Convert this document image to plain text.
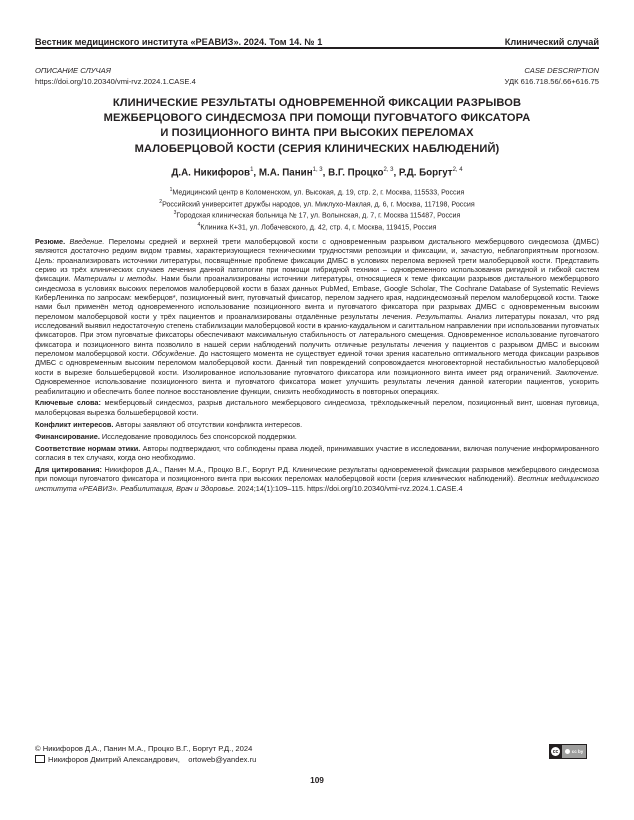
Вестник медицинского института «РЕАВИЗ». 2024. Том 14. № 1	Клинический случай
ОПИСАНИЕ СЛУЧАЯ
https://doi.org/10.20340/vmi-rvz.2024.1.CASE.4
CASE DESCRIPTION
УДК 616.718.56/.66+616.75
КЛИНИЧЕСКИЕ РЕЗУЛЬТАТЫ ОДНОВРЕМЕННОЙ ФИКСАЦИИ РАЗРЫВОВ
МЕЖБЕРЦОВОГО СИНДЕСМОЗА ПРИ ПОМОЩИ ПУГОВЧАТОГО ФИКСАТОРА
И ПОЗИЦИОННОГО ВИНТА ПРИ ВЫСОКИХ ПЕРЕЛОМАХ
МАЛОБЕРЦОВОЙ КОСТИ (СЕРИЯ КЛИНИЧЕСКИХ НАБЛЮДЕНИЙ)
Д.А. Никифоров$^1$, М.А. Панин$^{1, 3}$, В.Г. Процко$^{2, 3}$, Р.Д. Боргут$^{2, 4}$
$^1$Медицинский центр в Коломенском, ул. Высокая, д. 19, стр. 2, г. Москва, 115533, Россия
$^2$Российский университет дружбы народов, ул. Миклухо-Маклая, д. 6, г. Москва, 117198, Россия
$^3$Городская клиническая больница № 17, ул. Волынская, д. 7, г. Москва 115487, Россия
$^4$Клиника К+31, ул. Лобачевского, д. 42, стр. 4, г. Москва, 119415, Россия

Резюме. Введение. Переломы средней и верхней трети малоберцовой кости с одновременным разрывом дистального межберцового синдесмоза (ДМБС) являются достаточно редким видом травмы, характеризующиеся техническими трудностями репозиции и фиксации, и, зачастую, неблагоприятным прогнозом. Цель: проанализировать источники литературы, посвящённые проблеме фиксации ДМБС в условиях перелома верхней трети малоберцовой кости. Представить серию из трёх клинических случаев лечения данной патологии при помощи гибридной техники – одновременного использования ригидной и гибкой систем фиксации. Материалы и методы. Нами были проанализированы источники литературы, относящиеся к теме фиксации разрывов дистального межберцового синдесмоза в условиях высоких переломов малоберцовой кости в базах данных PubMed, Embase, Google Scholar, The Cochrane Database of Systematic Reviews КиберЛенинка по запросам: межберцов*, позиционный винт, пуговчатый фиксатор, перелом заднего края, надсиндесмозный перелом малоберцовой кости. Также нами был применён метод одновременного использование позиционного винта и пуговчатого фиксатора при разрывах ДМБС с одновременным высоким переломом малоберцовой кости у трёх пациентов и проанализированы отдалённые результаты лечения. Результаты. Анализ литературы показал, что ряд исследований выявил недостаточную степень стабилизации малоберцовой кости в кранио-каудальном и сагиттальном направлении при использовании пуговчатых фиксаторов. При этом пуговчатые фиксаторы обеспечивают максимальную стабильность от латерального смещения. Одновременное использование пуговчатого фиксатора и позиционного винта позволило в нашей серии наблюдений получить отличные результаты лечения у пациентов с разрывом ДМБС и высоким переломом малоберцовой кости. Обсуждение. До настоящего момента не существует единой точки зрения касательно оптимального метода фиксации разрывов ДМБС с одновременным высоким переломом малоберцовой кости. Данный тип повреждений сопровождается многовекторной нестабильностью малоберцовой кости в вырезке большеберцовой кости. Изолированное использование пуговчатого фиксатора или позиционного винта имеет ряд ограничений. Заключение. Одновременное использование позиционного винта и пуговчатого фиксатора может улучшить результаты лечения данной категории пациентов, ускорить реабилитацию и обеспечить более полное восстановление функции, снизить необходимость в повторных операциях.

Ключевые слова: межберцовый синдесмоз, разрыв дистального межберцового синдесмоза, трёхлодыжечный перелом, позиционный винт, шовная пуговица, малоберцовая вырезка большеберцовой кости.

Конфликт интересов. Авторы заявляют об отсутствии конфликта интересов.

Финансирование. Исследование проводилось без спонсорской поддержки.

Соответствие нормам этики. Авторы подтверждают, что соблюдены права людей, принимавших участие в исследовании, включая получение информированного согласия в тех случаях, когда оно необходимо.

Для цитирования: Никифоров Д.А., Панин М.А., Процко В.Г., Боргут Р.Д. Клинические результаты одновременной фиксации разрывов межберцового синдесмоза при помощи пуговчатого фиксатора и позиционного винта при высоких переломах малоберцовой кости (серия клинических наблюдений). Вестник медицинского института «РЕАВИЗ». Реабилитация, Врач и Здоровье. 2024;14(1):109–115. https://doi.org/10.20340/vmi-rvz.2024.1.CASE.4

© Никифоров Д.А., Панин М.А., Процко В.Г., Боргут Р.Д., 2024
Никифоров Дмитрий Александрович, ortoweb@yandex.ru
cc	cc by
109
